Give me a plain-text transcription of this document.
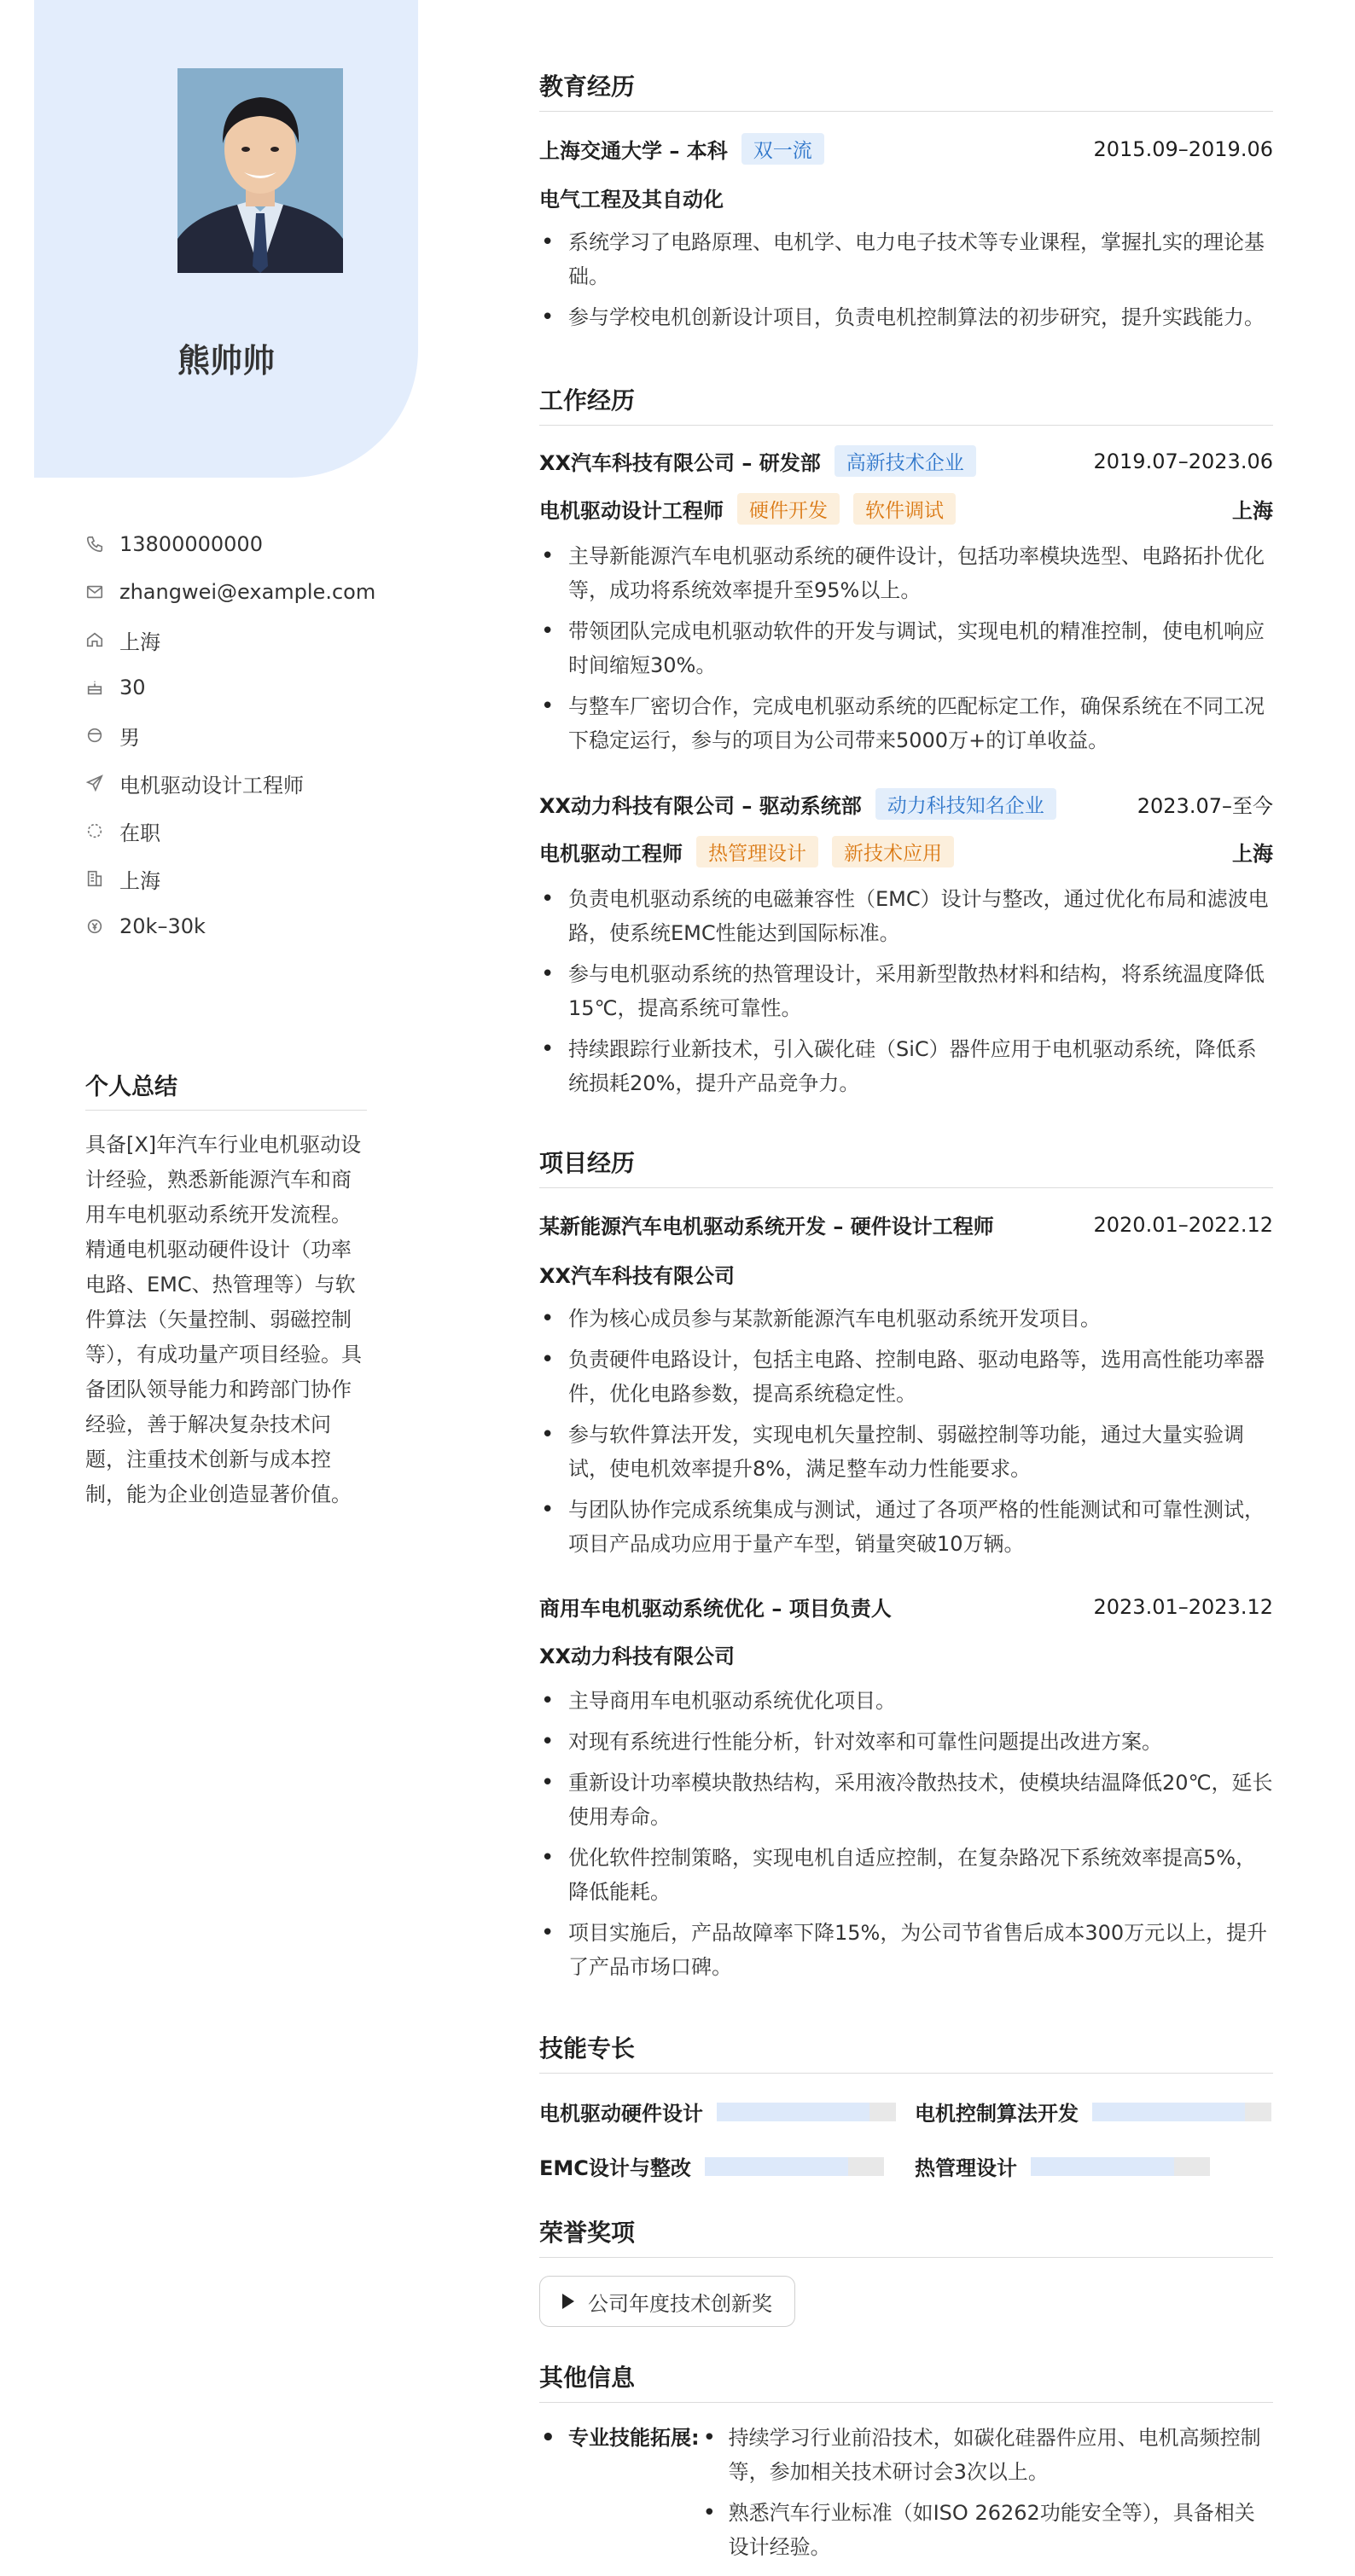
熊帅帅
13800000000
zhangwei@example.com
上海
30
男
电机驱动设计工程师
在职
上海
20k–30k
个人总结
具备[X]年汽车行业电机驱动设计经验，熟悉新能源汽车和商用车电机驱动系统开发流程。精通电机驱动硬件设计（功率电路、EMC、热管理等）与软件算法（矢量控制、弱磁控制等），有成功量产项目经验。具备团队领导能力和跨部门协作经验，善于解决复杂技术问题，注重技术创新与成本控制，能为企业创造显著价值。
教育经历
上海交通大学 – 本科	双一流	2015.09–2019.06
电气工程及其自动化
• 系统学习了电路原理、电机学、电力电子技术等专业课程，掌握扎实的理论基础。
• 参与学校电机创新设计项目，负责电机控制算法的初步研究，提升实践能力。
工作经历
XX汽车科技有限公司 – 研发部	高新技术企业	2019.07–2023.06
电机驱动设计工程师	硬件开发	软件调试	上海
• 主导新能源汽车电机驱动系统的硬件设计，包括功率模块选型、电路拓扑优化等，成功将系统效率提升至95%以上。
• 带领团队完成电机驱动软件的开发与调试，实现电机的精准控制，使电机响应时间缩短30%。
• 与整车厂密切合作，完成电机驱动系统的匹配标定工作，确保系统在不同工况下稳定运行，参与的项目为公司带来5000万+的订单收益。
XX动力科技有限公司 – 驱动系统部	动力科技知名企业	2023.07–至今
电机驱动工程师	热管理设计	新技术应用	上海
• 负责电机驱动系统的电磁兼容性（EMC）设计与整改，通过优化布局和滤波电路，使系统EMC性能达到国际标准。
• 参与电机驱动系统的热管理设计，采用新型散热材料和结构，将系统温度降低15℃，提高系统可靠性。
• 持续跟踪行业新技术，引入碳化硅（SiC）器件应用于电机驱动系统，降低系统损耗20%，提升产品竞争力。
项目经历
某新能源汽车电机驱动系统开发 – 硬件设计工程师	2020.01–2022.12
XX汽车科技有限公司
• 作为核心成员参与某款新能源汽车电机驱动系统开发项目。
• 负责硬件电路设计，包括主电路、控制电路、驱动电路等，选用高性能功率器件，优化电路参数，提高系统稳定性。
• 参与软件算法开发，实现电机矢量控制、弱磁控制等功能，通过大量实验调试，使电机效率提升8%，满足整车动力性能要求。
• 与团队协作完成系统集成与测试，通过了各项严格的性能测试和可靠性测试，项目产品成功应用于量产车型，销量突破10万辆。
商用车电机驱动系统优化 – 项目负责人	2023.01–2023.12
XX动力科技有限公司
• 主导商用车电机驱动系统优化项目。
• 对现有系统进行性能分析，针对效率和可靠性问题提出改进方案。
• 重新设计功率模块散热结构，采用液冷散热技术，使模块结温降低20℃，延长使用寿命。
• 优化软件控制策略，实现电机自适应控制，在复杂路况下系统效率提高5%，降低能耗。
• 项目实施后，产品故障率下降15%，为公司节省售后成本300万元以上，提升了产品市场口碑。
技能专长
电机驱动硬件设计	电机控制算法开发
EMC设计与整改	热管理设计
荣誉奖项
公司年度技术创新奖
其他信息
• 专业技能拓展:
•	持续学习行业前沿技术，如碳化硅器件应用、电机高频控制等，参加相关技术研讨会3次以上。
• 熟悉汽车行业标准（如ISO 26262功能安全等），具备相关设计经验。
